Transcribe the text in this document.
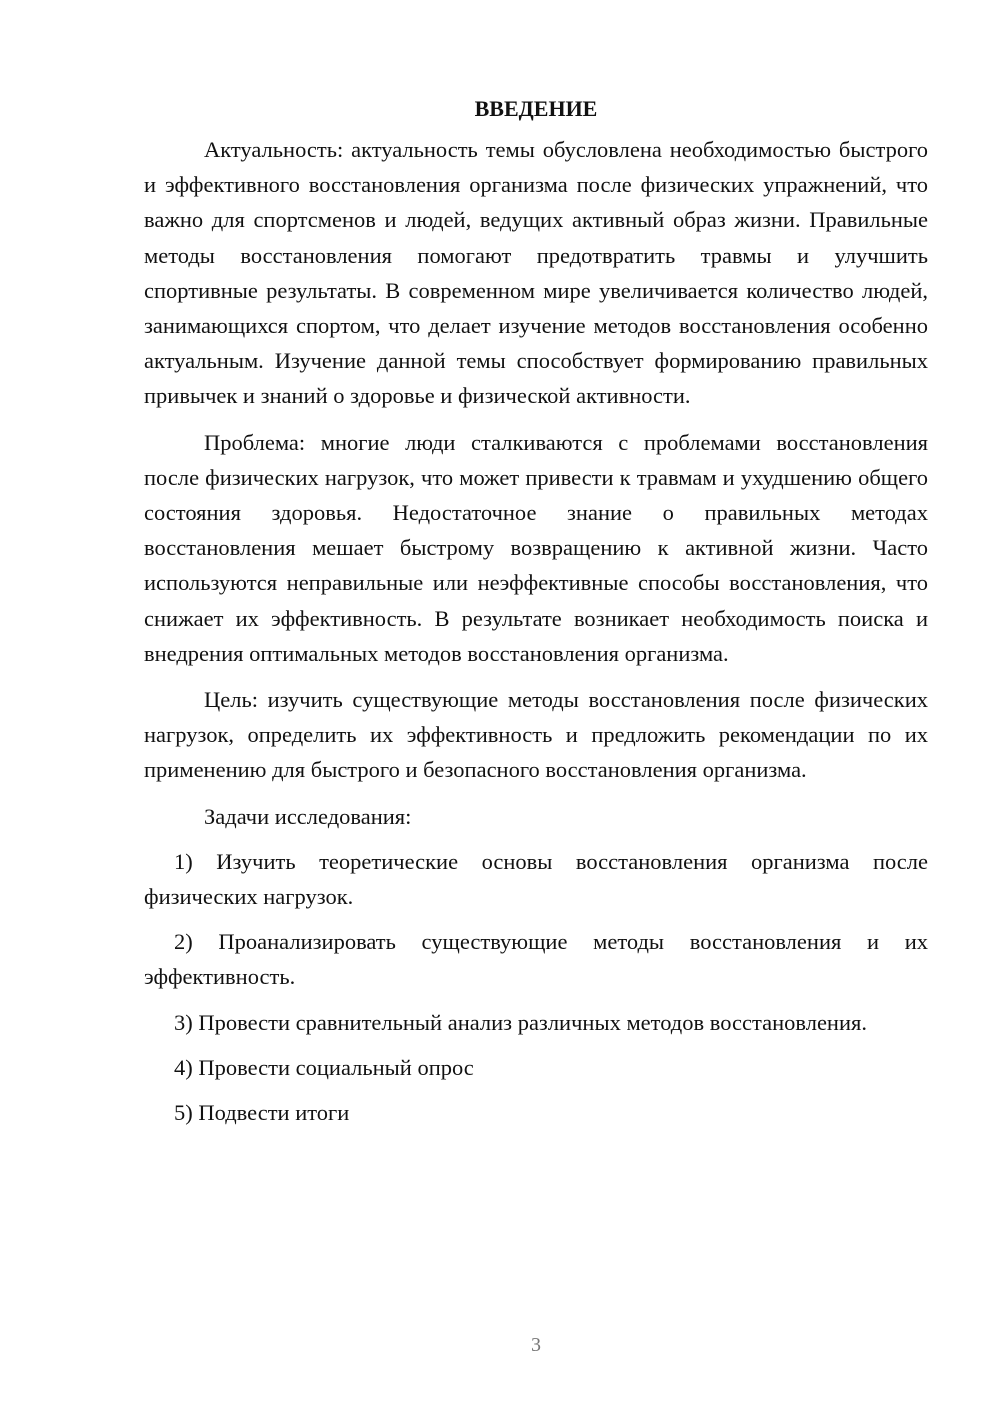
ВВЕДЕНИЕ

Актуальность: актуальность темы обусловлена необходимостью быстрого и эффективного восстановления организма после физических упражнений, что важно для спортсменов и людей, ведущих активный образ жизни. Правильные методы восстановления помогают предотвратить травмы и улучшить спортивные результаты. В современном мире увеличивается количество людей, занимающихся спортом, что делает изучение методов восстановления особенно актуальным. Изучение данной темы способствует формированию правильных привычек и знаний о здоровье и физической активности.

Проблема: многие люди сталкиваются с проблемами восстановления после физических нагрузок, что может привести к травмам и ухудшению общего состояния здоровья. Недостаточное знание о правильных методах восстановления мешает быстрому возвращению к активной жизни. Часто используются неправильные или неэффективные способы восстановления, что снижает их эффективность. В результате возникает необходимость поиска и внедрения оптимальных методов восстановления организма.

Цель: изучить существующие методы восстановления после физических нагрузок, определить их эффективность и предложить рекомендации по их применению для быстрого и безопасного восстановления организма.

Задачи исследования:

1) Изучить теоретические основы восстановления организма после физических нагрузок.

2) Проанализировать существующие методы восстановления и их эффективность.

3) Провести сравнительный анализ различных методов восстановления.

4) Провести социальный опрос

5) Подвести итоги

3
